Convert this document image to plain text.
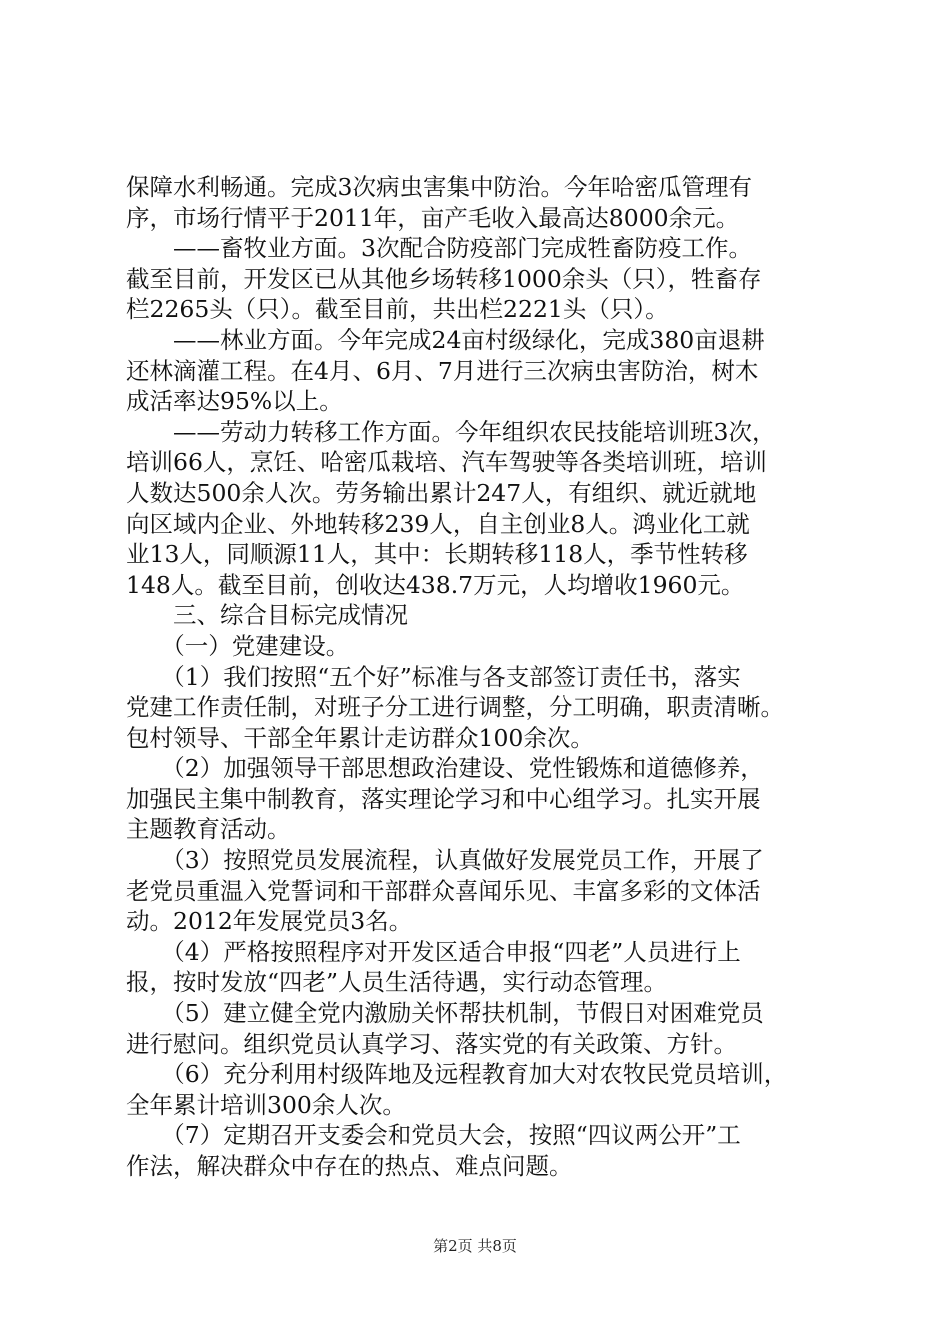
保障水利畅通。完成3次病虫害集中防治。今年哈密瓜管理有
序，市场行情平于2011年，亩产毛收入最高达8000余元。
　　——畜牧业方面。3次配合防疫部门完成牲畜防疫工作。
截至目前，开发区已从其他乡场转移1000余头（只），牲畜存
栏2265头（只）。截至目前，共出栏2221头（只）。
　　——林业方面。今年完成24亩村级绿化，完成380亩退耕
还林滴灌工程。在4月、6月、7月进行三次病虫害防治，树木
成活率达95%以上。
　　——劳动力转移工作方面。今年组织农民技能培训班3次，
培训66人，烹饪、哈密瓜栽培、汽车驾驶等各类培训班，培训
人数达500余人次。劳务输出累计247人，有组织、就近就地
向区域内企业、外地转移239人，自主创业8人。鸿业化工就
业13人，同顺源11人，其中：长期转移118人，季节性转移
148人。截至目前，创收达438.7万元，人均增收1960元。
　　三、综合目标完成情况
　　（一）党建建设。
　　（1）我们按照“五个好”标准与各支部签订责任书，落实
党建工作责任制，对班子分工进行调整，分工明确，职责清晰。
包村领导、干部全年累计走访群众100余次。
　　（2）加强领导干部思想政治建设、党性锻炼和道德修养，
加强民主集中制教育，落实理论学习和中心组学习。扎实开展
主题教育活动。
　　（3）按照党员发展流程，认真做好发展党员工作，开展了
老党员重温入党誓词和干部群众喜闻乐见、丰富多彩的文体活
动。2012年发展党员3名。
　　（4）严格按照程序对开发区适合申报“四老”人员进行上
报，按时发放“四老”人员生活待遇，实行动态管理。
　　（5）建立健全党内激励关怀帮扶机制，节假日对困难党员
进行慰问。组织党员认真学习、落实党的有关政策、方针。
　　（6）充分利用村级阵地及远程教育加大对农牧民党员培训，
全年累计培训300余人次。
　　（7）定期召开支委会和党员大会，按照“四议两公开”工
作法，解决群众中存在的热点、难点问题。
第2页 共8页
